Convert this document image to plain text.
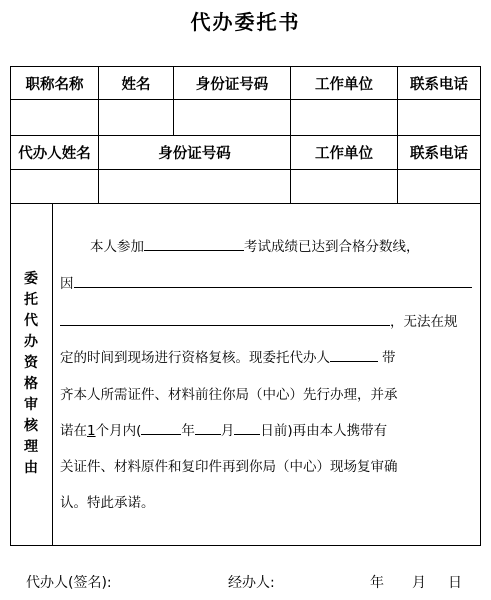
代办委托书
职称名称	姓名	身份证号码	工作单位	联系电话
代办人姓名	身份证号码	工作单位	联系电话
委
托
代
办
资
格
审
核
理
由
本人参加	考试成绩已达到合格分数线，
因
，无法在规
定的时间到现场进行资格复核。现委托代办人	带
齐本人所需证件、材料前往你局（中心）先行办理，并承
诺在1个月内(	年 月 日前)再由本人携带有
关证件、材料原件和复印件再到你局（中心）现场复审确
认。特此承诺。
代办人(签名):	经办人:	年 月 日
